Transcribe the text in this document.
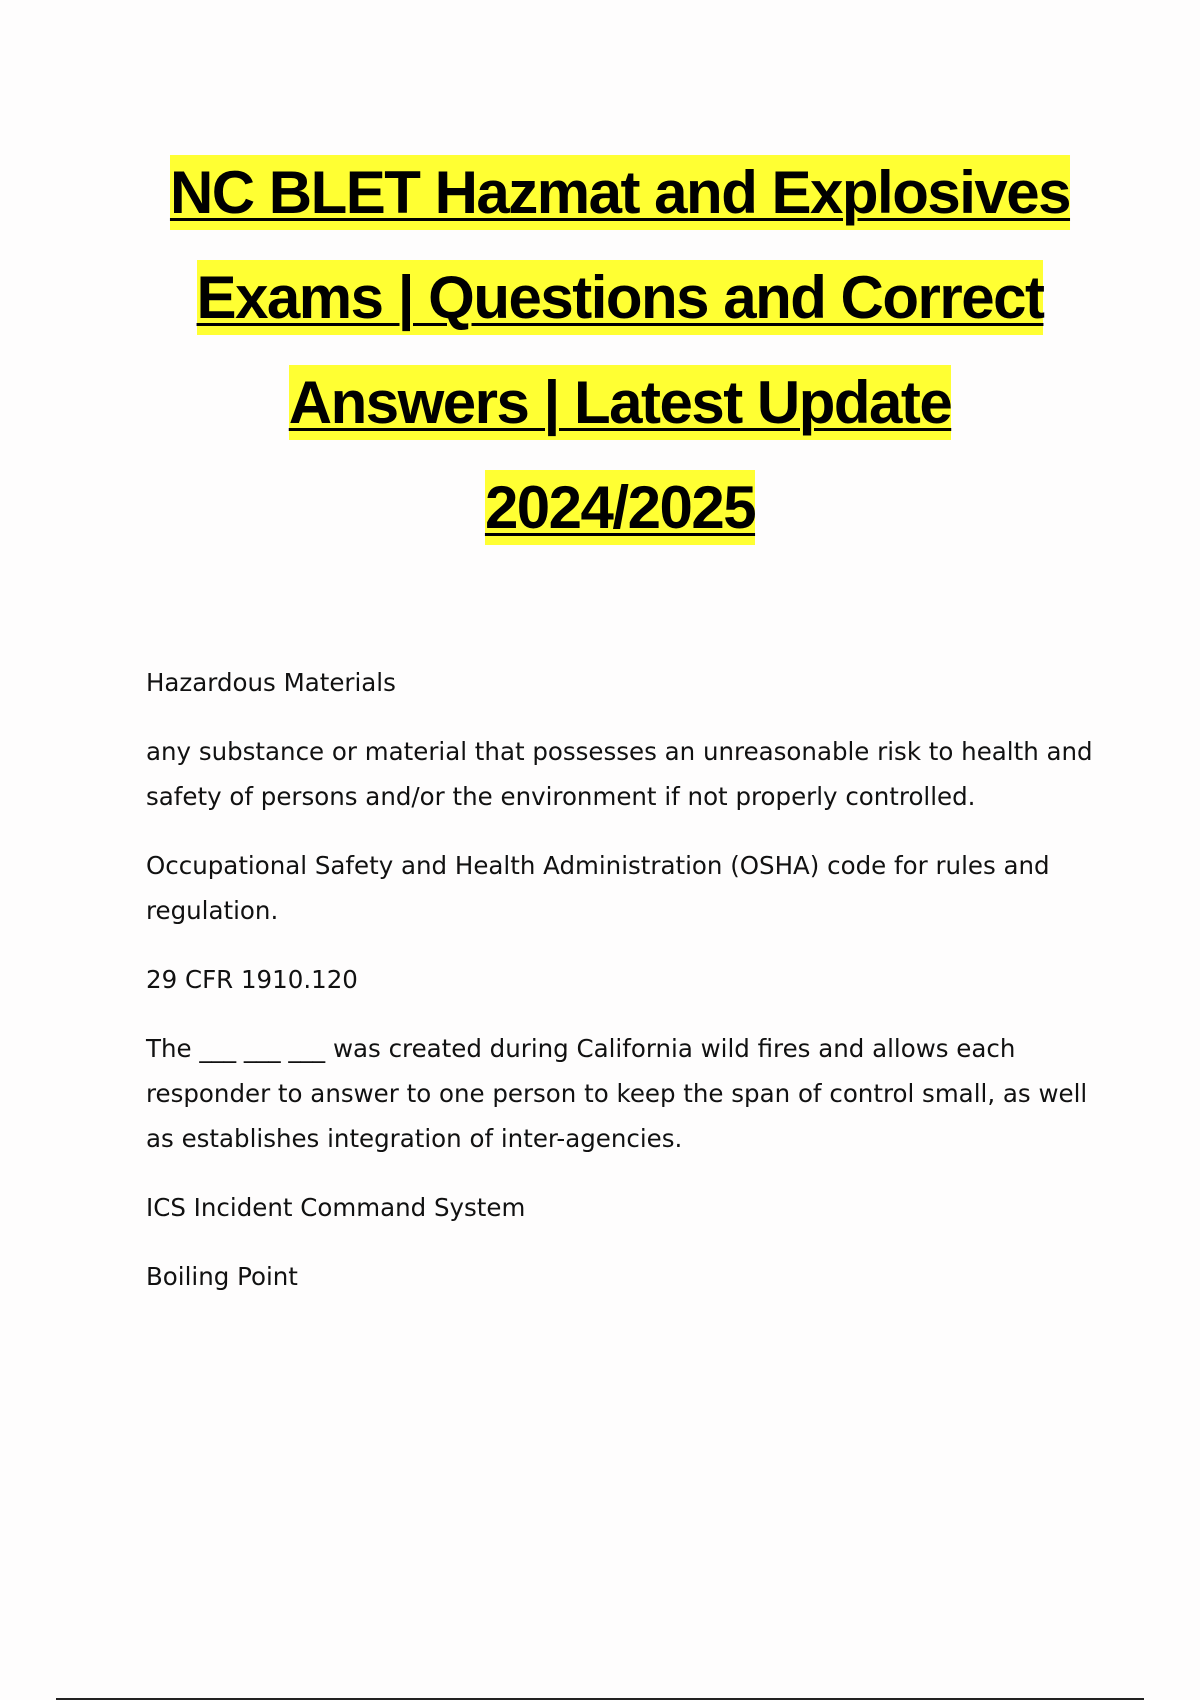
NC BLET Hazmat and Explosives
Exams | Questions and Correct
Answers | Latest Update
2024/2025

Hazardous Materials

any substance or material that possesses an unreasonable risk to health and safety of persons and/or the environment if not properly controlled.

Occupational Safety and Health Administration (OSHA) code for rules and regulation.

29 CFR 1910.120

The ___ ___ ___ was created during California wild fires and allows each responder to answer to one person to keep the span of control small, as well as establishes integration of inter-agencies.

ICS Incident Command System

Boiling Point
